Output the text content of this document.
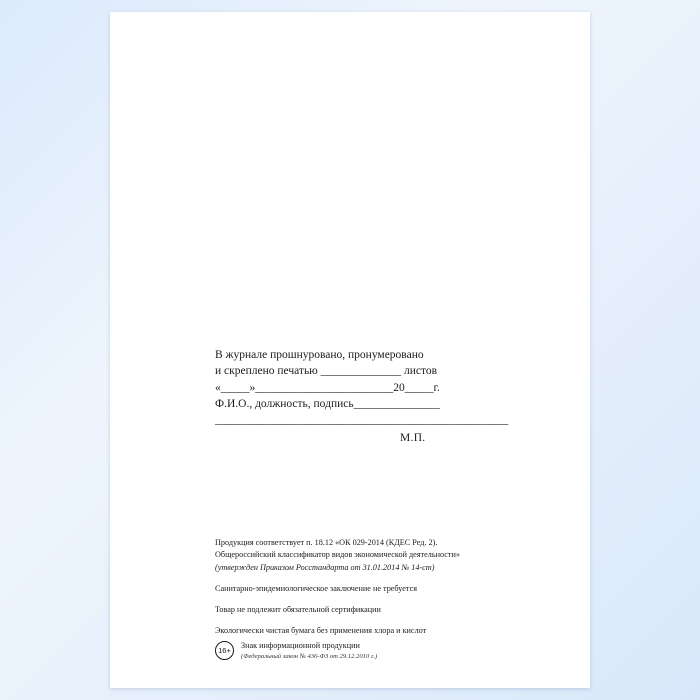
В журнале прошнуровано, пронумеровано
и скреплено печатью ______________ листов
«_____»________________________20_____г.
Ф.И.О., должность, подпись_______________
___________________________________________________
М.П.
Продукция соответствует п. 18.12 «ОК 029-2014 (КДЕС Ред. 2).
Общероссийский классификатор видов экономической деятельности»
(утвержден Приказом Росстандарта от 31.01.2014 № 14-ст)
Санитарно-эпидемиологическое заключение не требуется
Товар не подлежит обязательной сертификации
Экологически чистая бумага без применения хлора и кислот
16+
Знак информационной продукции
(Федеральный закон № 436-ФЗ от 29.12.2010 г.)
